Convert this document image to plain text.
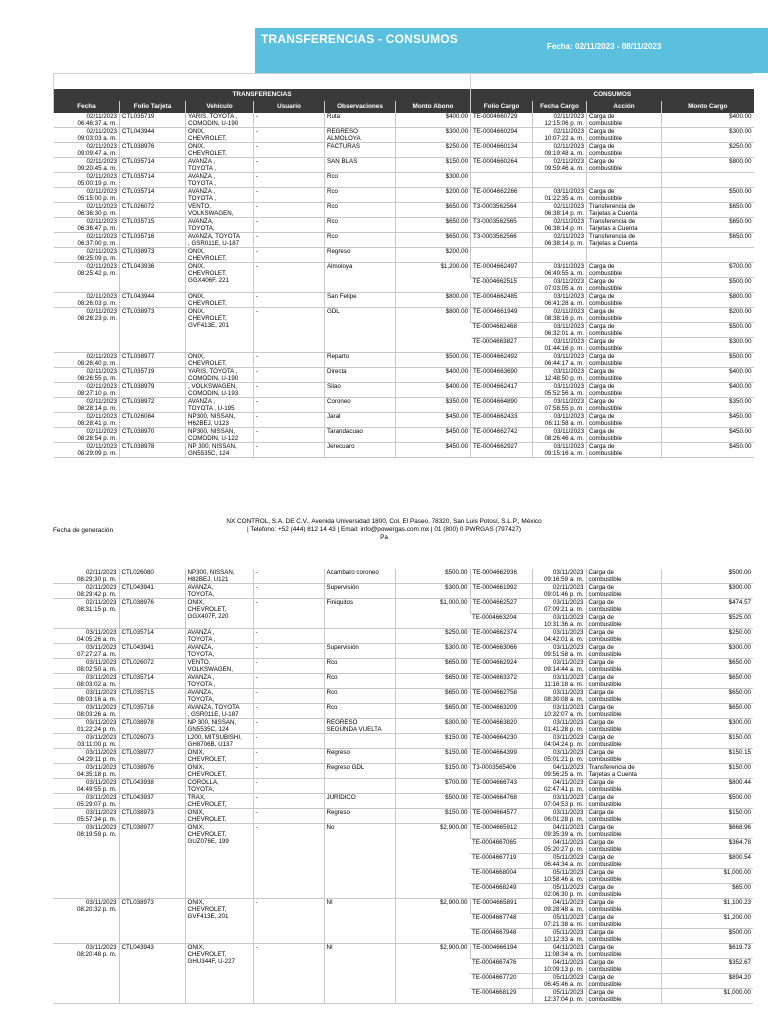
TRANSFERENCIAS - CONSUMOS
Fecha: 02/11/2023 - 08/11/2023
TRANSFERENCIAS						CONSUMOS			
Fecha	Folio Tarjeta	Vehículo	Usuario	Observaciones	Monto Abono	Folio Cargo	Fecha Cargo	Acción	Monto Cargo
02/11/2023
06:46:37 a. m.	CTL035719	YARIS, TOYOTA ,
COMODIN, U-190	-	Ruta	$400.00	TE-0004660729	02/11/2023
12:15:06 p. m.	Carga de
combustible	$400.00
02/11/2023
09:03:03 a. m.	CTL043944	ONIX,
CHEVROLET,	-	REGRESO
ALMOLOYA	$300.00	TE-0004660294	02/11/2023
10:07:22 a. m.	Carga de
combustible	$300.00
02/11/2023
09:09:47 a. m.	CTL038976	ONIX,
CHEVROLET,	-	FACTURAS	$250.00	TE-0004660134	02/11/2023
09:19:48 a. m.	Carga de
combustible	$250.00
02/11/2023
09:20:45 a. m.	CTL035714	AVANZA ,
TOYOTA ,	-	SAN BLAS	$150.00	TE-0004660264	02/11/2023
09:59:46 a. m.	Carga de
combustible	$800.00
02/11/2023
05:00:19 p. m.	CTL035714	AVANZA ,
TOYOTA ,	-	Rco	$300.00				
02/11/2023
05:15:00 p. m.	CTL035714	AVANZA ,
TOYOTA ,	-	Rco	$200.00	TE-0004662266	03/11/2023
01:22:35 a. m.	Carga de
combustible	$500.00
02/11/2023
06:36:30 p. m.	CTL026072	VENTO,
VOLKSWAGEN,	-	Rco	$650.00	T3-0003562564	02/11/2023
06:38:14 p. m.	Transferencia de
Tarjetas a Cuenta	$650.00
02/11/2023
06:36:47 p. m.	CTL035715	AVANZA,
TOYOTA,	-	Rco	$650.00	T3-0003562565	02/11/2023
06:38:14 p. m.	Transferencia de
Tarjetas a Cuenta	$650.00
02/11/2023
06:37:00 p. m.	CTL035716	AVANZA, TOYOTA
, GSR011E, U-187	-	Rco	$650.00	T3-0003562566	02/11/2023
06:38:14 p. m.	Transferencia de
Tarjetas a Cuenta	$650.00
02/11/2023
08:25:09 p. m.	CTL038973	ONIX,
CHEVROLET,	-	Regreso	$200.00				
02/11/2023
08:25:42 p. m.	CTL043936	ONIX,
CHEVROLET,
GGX406F, 221	-	Almoloya	$1,200.00	TE-0004662497	03/11/2023
06:49:55 a. m.	Carga de
combustible	$700.00
						TE-0004662515	03/11/2023
07:03:05 a. m.	Carga de
combustible	$500.00
02/11/2023
08:26:03 p. m.	CTL043944	ONIX,
CHEVROLET,	-	San Felipe	$800.00	TE-0004662485	03/11/2023
06:41:28 a. m.	Carga de
combustible	$800.00
02/11/2023
08:26:23 p. m.	CTL038973	ONIX,
CHEVROLET,
GVF413E, 201	-	GDL	$800.00	TE-0004661949	02/11/2023
08:38:16 p. m.	Carga de
combustible	$200.00
						TE-0004662468	03/11/2023
06:32:01 a. m.	Carga de
combustible	$500.00
						TE-0004663827	03/11/2023
01:44:16 p. m.	Carga de
combustible	$300.00
02/11/2023
08:26:40 p. m.	CTL038977	ONIX,
CHEVROLET,	-	Reparto	$500.00	TE-0004662492	03/11/2023
06:44:17 a. m.	Carga de
combustible	$500.00
02/11/2023
08:26:55 p. m.	CTL035719	YARIS, TOYOTA ,
COMODIN, U-190	-	Directa	$400.00	TE-0004663690	03/11/2023
12:48:50 p. m.	Carga de
combustible	$400.00
02/11/2023
08:27:10 p. m.	CTL038979	, VOLKSWAGEN,
COMODIN, U-193	-	Silao	$400.00	TE-0004662417	03/11/2023
05:52:56 a. m.	Carga de
combustible	$400.00
02/11/2023
08:28:14 p. m.	CTL038972	AVANZA ,
TOYOTA , U-195	-	Coroneo	$350.00	TE-0004664890	03/11/2023
07:58:55 p. m.	Carga de
combustible	$350.00
02/11/2023
08:28:41 p. m.	CTL026084	NP300, NISSAN,
H62BEJ, U123	-	Jaral	$450.00	TE-0004662433	03/11/2023
06:11:58 a. m.	Carga de
combustible	$450.00
02/11/2023
08:28:54 p. m.	CTL038970	NP300, NISSAN,
COMODIN, U-122	-	Tarandacuao	$450.00	TE-0004662742	03/11/2023
08:26:46 a. m.	Carga de
combustible	$450.00
02/11/2023
08:29:09 p. m.	CTL038978	NP 300, NISSAN,
GN5535C, 124	-	Jerecuaro	$450.00	TE-0004662927	03/11/2023
09:15:16 a. m.	Carga de
combustible	$450.00
NX CONTROL, S.A. DE C.V., Avenida Universidad 1800, Col. El Paseo, 78320, San Luis Potosí, S.L.P., México
| Telefono: +52 (444) 812 14 43 | Email: info@powergas.com.mx | 01 (800) 0 PWRGAS (797427)
Pa
Fecha de generación
02/11/2023
08:29:30 p. m.	CTL026080	NP300, NISSAN,
H82BEJ, U121	-	Acambaro coroneo	$500.00	TE-0004662936	03/11/2023
09:16:59 a. m.	Carga de
combustible	$500.00
02/11/2023
08:29:42 p. m.	CTL043941	AVANZA,
TOYOTA,	-	Supervisión	$300.00	TE-0004661992	02/11/2023
09:01:46 p. m.	Carga de
combustible	$300.00
02/11/2023
08:31:15 p. m.	CTL038976	ONIX,
CHEVROLET,
GGX407F, 220	-	Finiquitos	$1,000.00	TE-0004662527	03/11/2023
07:09:21 a. m.	Carga de
combustible	$474.57
						TE-0004663204	03/11/2023
10:31:36 a. m.	Carga de
combustible	$525.00
03/11/2023
04:05:26 a. m.	CTL035714	AVANZA ,
TOYOTA ,	-		$250.00	TE-0004662374	03/11/2023
04:42:01 a. m.	Carga de
combustible	$250.00
03/11/2023
07:27:27 a. m.	CTL043941	AVANZA,
TOYOTA,	-	Supervisión	$300.00	TE-0004663066	03/11/2023
09:51:58 a. m.	Carga de
combustible	$300.00
03/11/2023
08:02:50 a. m.	CTL026072	VENTO,
VOLKSWAGEN,	-	Rco	$650.00	TE-0004662924	03/11/2023
09:14:44 a. m.	Carga de
combustible	$650.00
03/11/2023
08:03:02 a. m.	CTL035714	AVANZA ,
TOYOTA ,	-	Rco	$650.00	TE-0004663372	03/11/2023
11:16:18 a. m.	Carga de
combustible	$650.00
03/11/2023
08:03:16 a. m.	CTL035715	AVANZA,
TOYOTA,	-	Rco	$650.00	TE-0004662758	03/11/2023
08:30:08 a. m.	Carga de
combustible	$650.00
03/11/2023
08:03:26 a. m.	CTL035716	AVANZA, TOYOTA
, GSR011E, U-187	-	Rco	$650.00	TE-0004663209	03/11/2023
10:32:07 a. m.	Carga de
combustible	$650.00
03/11/2023
01:22:24 p. m.	CTL038978	NP 300, NISSAN,
GN5535C, 124	-	REGRESO
SEGUNDA VUELTA	$300.00	TE-0004663820	03/11/2023
01:41:28 p. m.	Carga de
combustible	$300.00
03/11/2023
03:11:00 p. m.	CTL026073	L200, MITSUBISHI,
GH8706B, U137	-		$150.00	TE-0004664230	03/11/2023
04:04:24 p. m.	Carga de
combustible	$150.00
03/11/2023
04:29:11 p. m.	CTL038977	ONIX,
CHEVROLET,	-	Regreso	$150.00	TE-0004664399	03/11/2023
05:01:21 p. m.	Carga de
combustible	$150.15
03/11/2023
04:35:18 p. m.	CTL038976	ONIX,
CHEVROLET,	-	Regreso GDL	$150.00	T3-0003565406	04/11/2023
09:56:25 a. m.	Transferencia de
Tarjetas a Cuenta	$150.00
03/11/2023
04:49:55 p. m.	CTL043938	COROLLA,
TOYOTA,	-		$700.00	TE-0004666743	04/11/2023
02:47:41 p. m.	Carga de
combustible	$800.44
03/11/2023
05:29:07 p. m.	CTL043937	TRAX,
CHEVROLET,	-	JURIDICO	$500.00	TE-0004664768	03/11/2023
07:04:53 p. m.	Carga de
combustible	$500.00
03/11/2023
05:57:34 p. m.	CTL038973	ONIX,
CHEVROLET,	-	Regreso	$150.00	TE-0004664577	03/11/2023
06:01:28 p. m.	Carga de
combustible	$150.00
03/11/2023
08:19:59 p. m.	CTL038977	ONIX,
CHEVROLET,
GUZ076E, 199	-	No	$2,900.00	TE-0004665912	04/11/2023
09:35:39 a. m.	Carga de
combustible	$668.96
						TE-0004667065	04/11/2023
05:20:27 p. m.	Carga de
combustible	$364.78
						TE-0004667719	05/11/2023
06:44:34 a. m.	Carga de
combustible	$800.54
						TE-0004668004	05/11/2023
10:58:46 a. m.	Carga de
combustible	$1,000.00
						TE-0004668249	05/11/2023
02:06:30 p. m.	Carga de
combustible	$65.00
03/11/2023
08:20:32 p. m.	CTL038973	ONIX,
CHEVROLET,
GVF413E, 201	-	NI	$2,900.00	TE-0004665891	04/11/2023
09:28:48 a. m.	Carga de
combustible	$1,100.23
						TE-0004667748	05/11/2023
07:21:38 a. m.	Carga de
combustible	$1,200.00
						TE-0004667948	05/11/2023
10:12:33 a. m.	Carga de
combustible	$500.00
03/11/2023
08:20:48 p. m.	CTL043943	ONIX,
CHEVROLET,
GHU344F, U-227	-	NI	$2,900.00	TE-0004666194	04/11/2023
11:08:34 a. m.	Carga de
combustible	$619.73
						TE-0004667476	04/11/2023
10:09:13 p. m.	Carga de
combustible	$352.67
						TE-0004667720	05/11/2023
06:45:46 a. m.	Carga de
combustible	$894.20
						TE-0004668129	05/11/2023
12:37:04 p. m.	Carga de
combustible	$1,000.00
